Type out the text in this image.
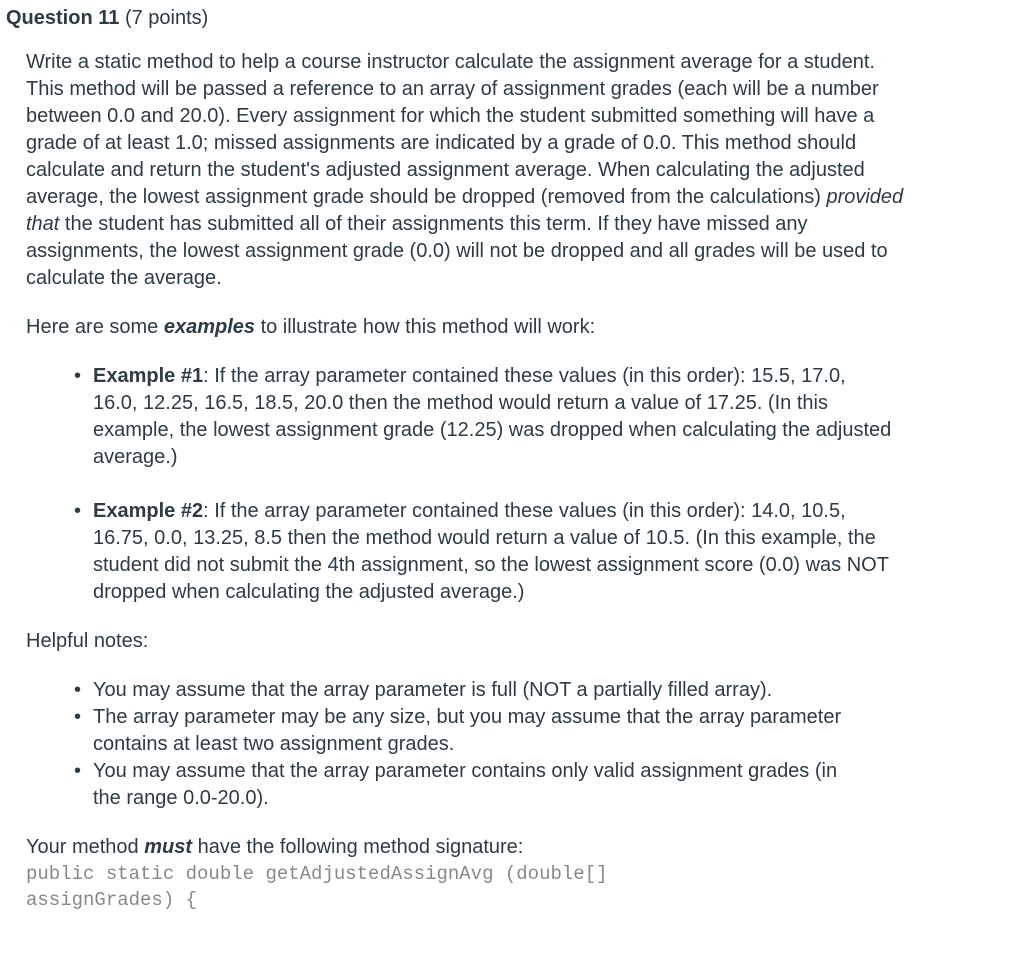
Question 11 (7 points)

Write a static method to help a course instructor calculate the assignment average for a student. This method will be passed a reference to an array of assignment grades (each will be a number between 0.0 and 20.0). Every assignment for which the student submitted something will have a grade of at least 1.0; missed assignments are indicated by a grade of 0.0. This method should calculate and return the student's adjusted assignment average. When calculating the adjusted average, the lowest assignment grade should be dropped (removed from the calculations) provided that the student has submitted all of their assignments this term. If they have missed any assignments, the lowest assignment grade (0.0) will not be dropped and all grades will be used to calculate the average.

Here are some examples to illustrate how this method will work:

• Example #1: If the array parameter contained these values (in this order): 15.5, 17.0, 16.0, 12.25, 16.5, 18.5, 20.0 then the method would return a value of 17.25. (In this example, the lowest assignment grade (12.25) was dropped when calculating the adjusted average.)
• Example #2: If the array parameter contained these values (in this order): 14.0, 10.5, 16.75, 0.0, 13.25, 8.5 then the method would return a value of 10.5. (In this example, the student did not submit the 4th assignment, so the lowest assignment score (0.0) was NOT dropped when calculating the adjusted average.)

Helpful notes:

• You may assume that the array parameter is full (NOT a partially filled array).
• The array parameter may be any size, but you may assume that the array parameter contains at least two assignment grades.
• You may assume that the array parameter contains only valid assignment grades (in the range 0.0-20.0).

Your method must have the following method signature:

public static double getAdjustedAssignAvg (double[] assignGrades) {
